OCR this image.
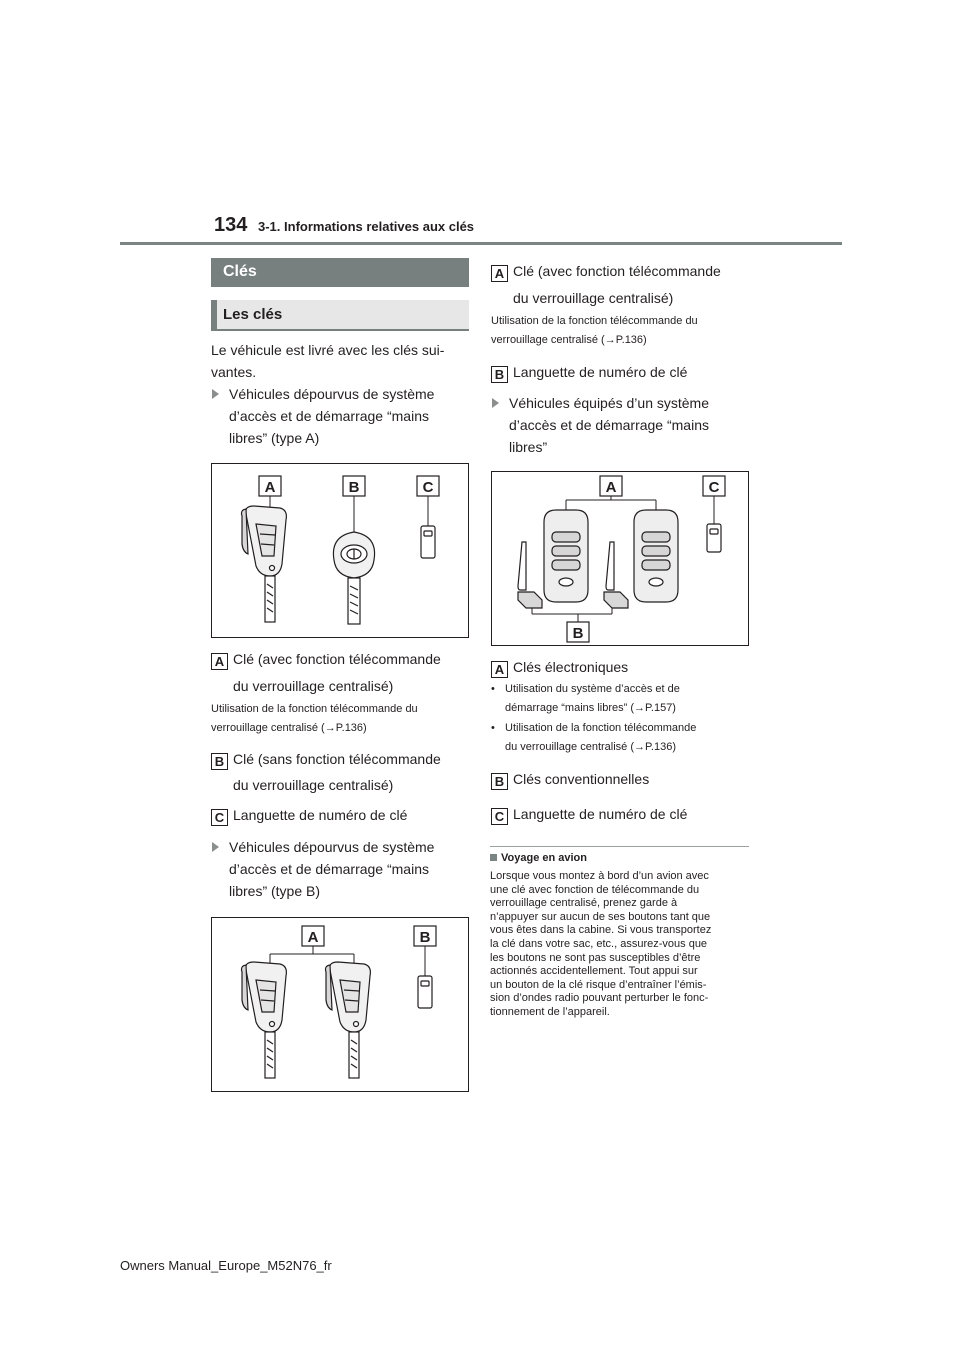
134 3-1. Informations relatives aux clés
Clés
Les clés
Le véhicule est livré avec les clés sui-vantes.
Véhicules dépourvus de système d’accès et de démarrage “mains libres” (type A)
A	B	C
A Clé (avec fonction télécommande
du verrouillage centralisé)
Utilisation de la fonction télécommande du
verrouillage centralisé (→P.136)
B Clé (sans fonction télécommande
du verrouillage centralisé)
C Languette de numéro de clé
Véhicules dépourvus de système d’accès et de démarrage “mains libres” (type B)
A	B
A Clé (avec fonction télécommande
du verrouillage centralisé)
Utilisation de la fonction télécommande du
verrouillage centralisé (→P.136)
B Languette de numéro de clé
Véhicules équipés d’un système d’accès et de démarrage “mains libres”
A	C
B
A Clés électroniques
• Utilisation du système d’accès et de
démarrage “mains libres” (→P.157)
• Utilisation de la fonction télécommande
du verrouillage centralisé (→P.136)
B Clés conventionnelles
C Languette de numéro de clé
Voyage en avion
Lorsque vous montez à bord d’un avion avec
une clé avec fonction de télécommande du
verrouillage centralisé, prenez garde à
n’appuyer sur aucun de ses boutons tant que
vous êtes dans la cabine. Si vous transportez
la clé dans votre sac, etc., assurez-vous que
les boutons ne sont pas susceptibles d’être
actionnés accidentellement. Tout appui sur
un bouton de la clé risque d’entraîner l’émis-
sion d’ondes radio pouvant perturber le fonc-
tionnement de l’appareil.
Owners Manual_Europe_M52N76_fr
